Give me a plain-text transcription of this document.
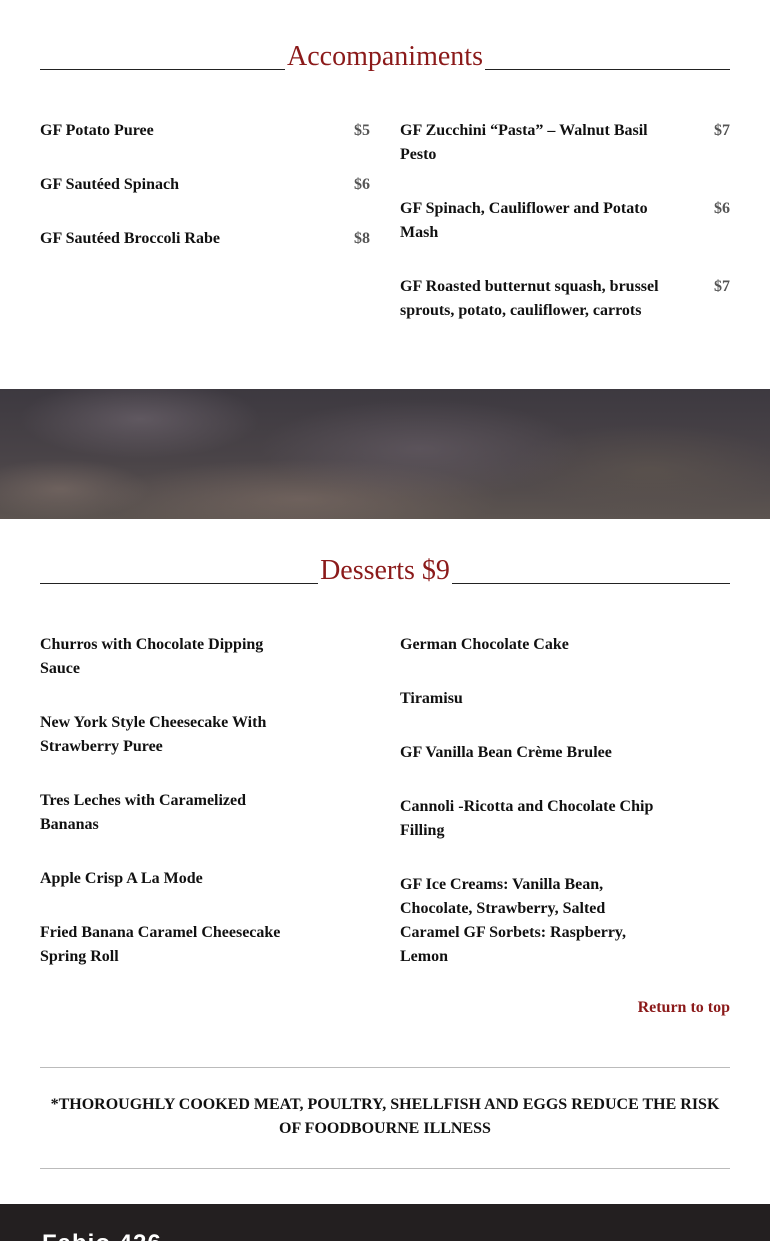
Accompaniments
GF Potato Puree	$5
GF Sautéed Spinach	$6
GF Sautéed Broccoli Rabe	$8
GF Zucchini “Pasta” – Walnut Basil Pesto
$7
GF Spinach, Cauliflower and Potato Mash
$6
GF Roasted butternut squash, brussel sprouts, potato, cauliflower, carrots
$7
Desserts $9
Churros with Chocolate Dipping Sauce
New York Style Cheesecake With Strawberry Puree
Tres Leches with Caramelized Bananas
Apple Crisp A La Mode
Fried Banana Caramel Cheesecake Spring Roll
German Chocolate Cake
Tiramisu
GF Vanilla Bean Crème Brulee
Cannoli -Ricotta and Chocolate Chip Filling
GF Ice Creams: Vanilla Bean, Chocolate, Strawberry, Salted Caramel GF Sorbets: Raspberry, Lemon
Return to top
*THOROUGHLY COOKED MEAT, POULTRY, SHELLFISH AND EGGS REDUCE THE RISK OF FOODBOURNE ILLNESS
Fabio 426
